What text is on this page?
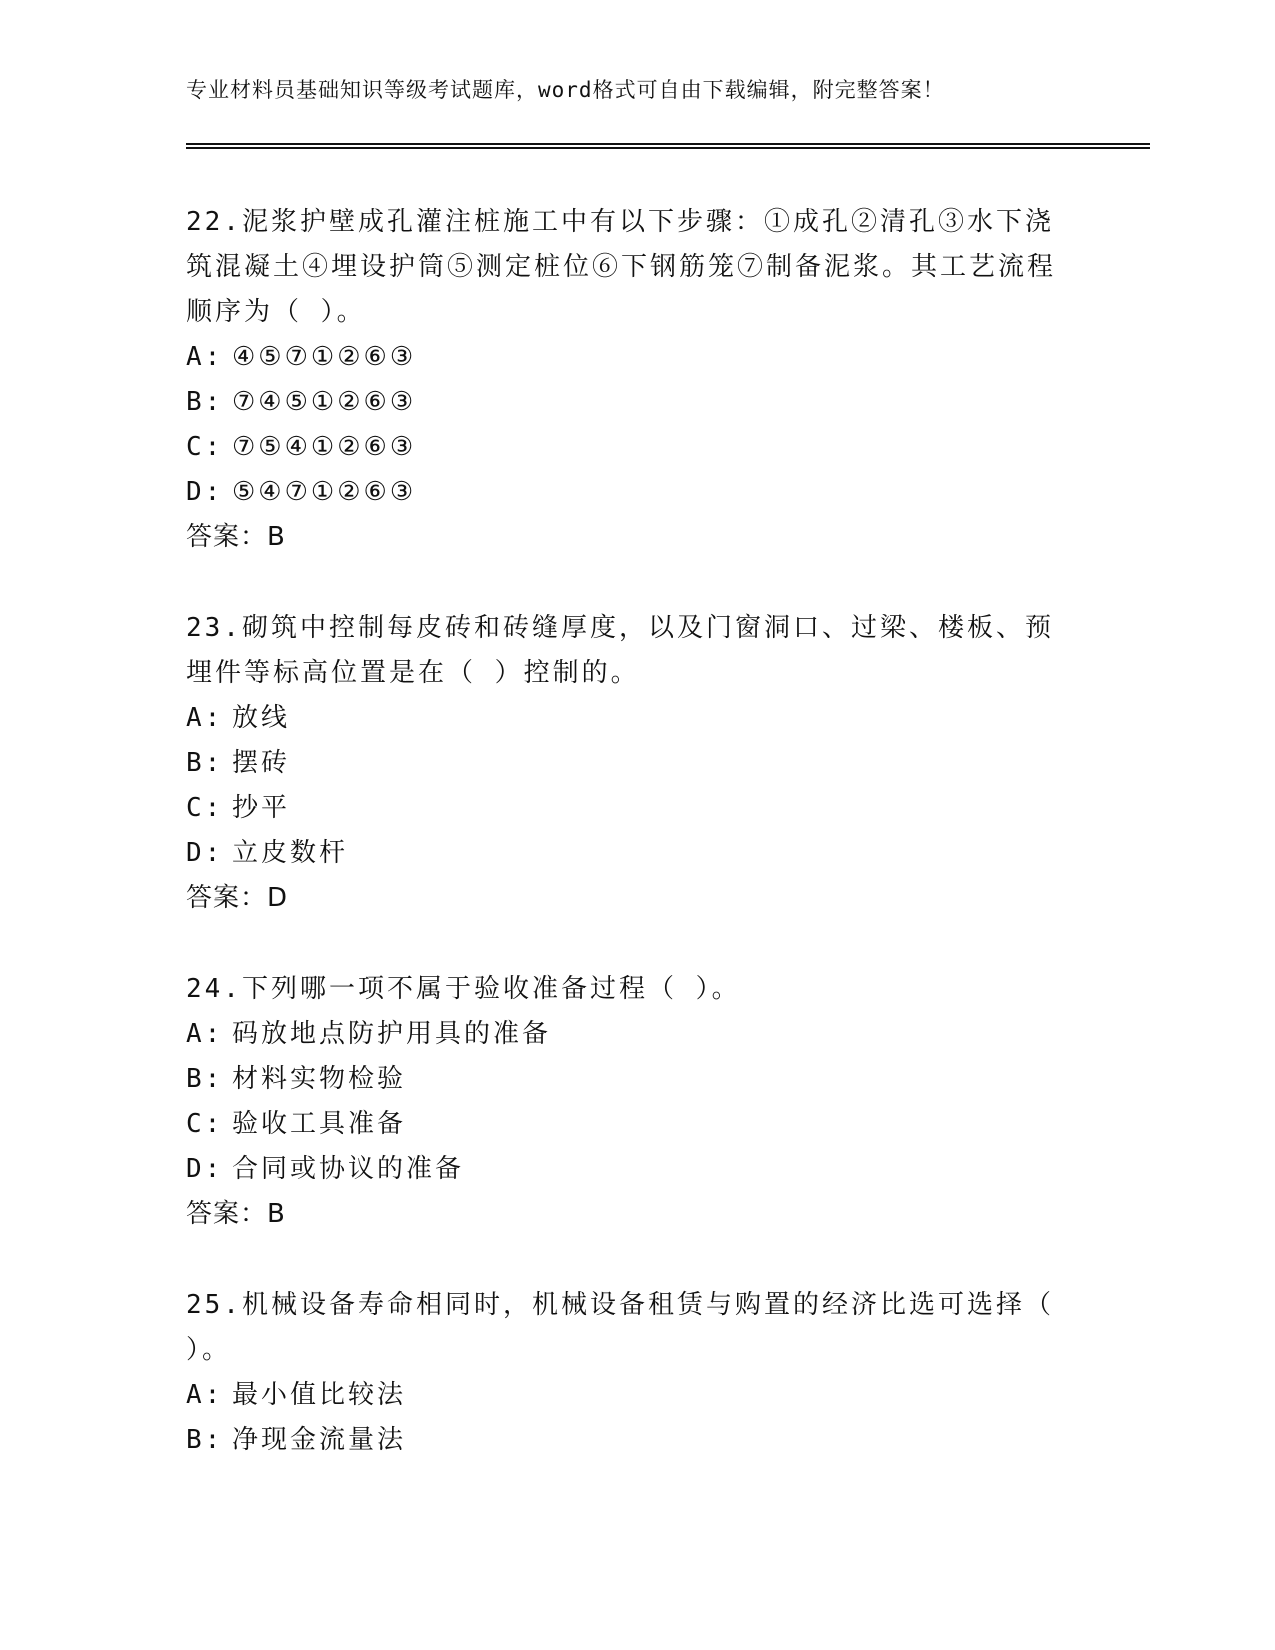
专业材料员基础知识等级考试题库，word格式可自由下载编辑，附完整答案！

22.泥浆护壁成孔灌注桩施工中有以下步骤：①成孔②清孔③水下浇筑混凝土④埋设护筒⑤测定桩位⑥下钢筋笼⑦制备泥浆。其工艺流程顺序为（ ）。

A: ④⑤⑦①②⑥③

B: ⑦④⑤①②⑥③

C: ⑦⑤④①②⑥③

D: ⑤④⑦①②⑥③

答案：B

23.砌筑中控制每皮砖和砖缝厚度，以及门窗洞口、过梁、楼板、预埋件等标高位置是在（ ）控制的。

A: 放线

B: 摆砖

C: 抄平

D: 立皮数杆

答案：D

24.下列哪一项不属于验收准备过程（ ）。

A: 码放地点防护用具的准备

B: 材料实物检验

C: 验收工具准备

D: 合同或协议的准备

答案：B

25.机械设备寿命相同时，机械设备租赁与购置的经济比选可选择（ ）。

A: 最小值比较法

B: 净现金流量法
